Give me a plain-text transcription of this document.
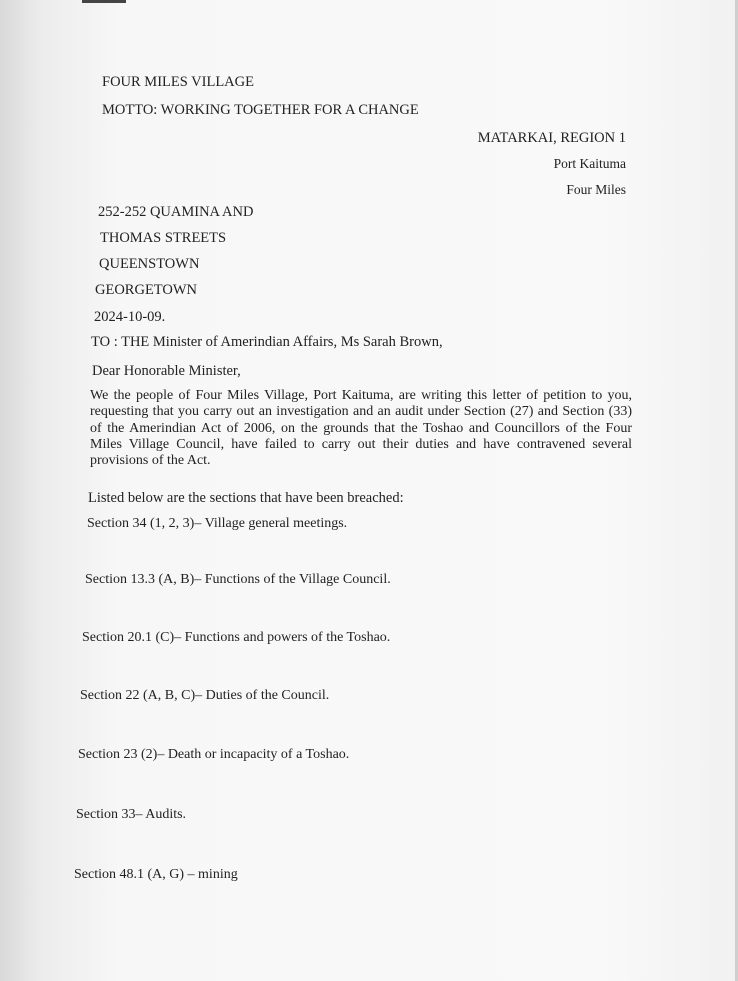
FOUR MILES VILLAGE

MOTTO: WORKING TOGETHER FOR A CHANGE

MATARKAI, REGION 1

Port Kaituma

Four Miles

252-252 QUAMINA AND

THOMAS STREETS

QUEENSTOWN

GEORGETOWN

2024-10-09.

TO : THE Minister of Amerindian Affairs, Ms Sarah Brown,

Dear Honorable Minister,

We the people of Four Miles Village, Port Kaituma, are writing this letter of petition to you, requesting that you carry out an investigation and an audit under Section (27) and Section (33) of the Amerindian Act of 2006, on the grounds that the Toshao and Councillors of the Four Miles Village Council, have failed to carry out their duties and have contravened several provisions of the Act.

Listed below are the sections that have been breached:

Section 34 (1, 2, 3)– Village general meetings.

Section 13.3 (A, B)– Functions of the Village Council.

Section 20.1 (C)– Functions and powers of the Toshao.

Section 22 (A, B, C)– Duties of the Council.

Section 23 (2)– Death or incapacity of a Toshao.

Section 33– Audits.

Section 48.1 (A, G) – mining
